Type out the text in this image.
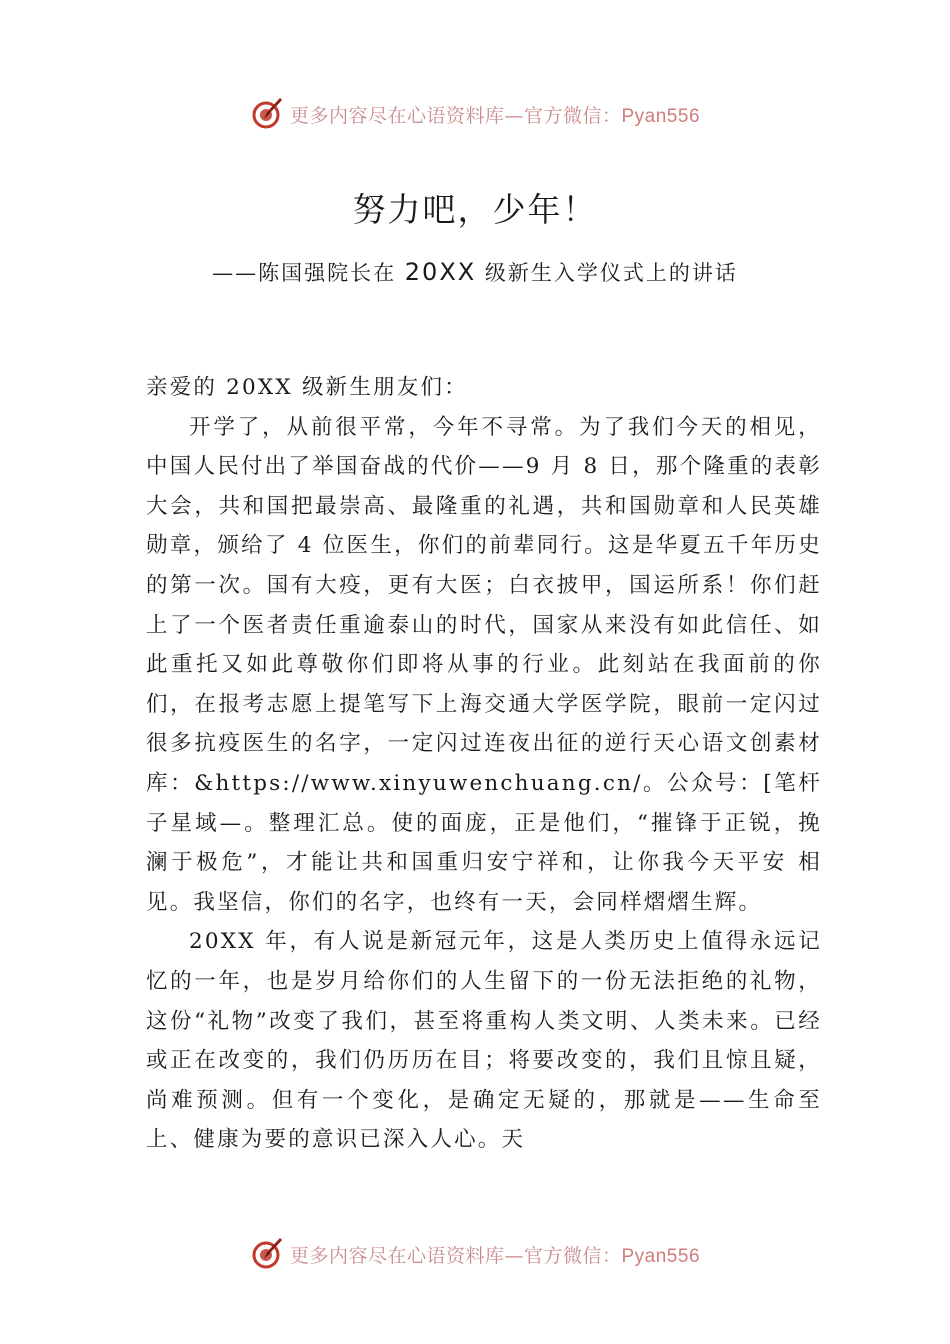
更多内容尽在心语资料库—官方微信：Pyan556
努力吧，少年！

——陈国强院长在 20XX 级新生入学仪式上的讲话

亲爱的 20XX 级新生朋友们：

开学了，从前很平常，今年不寻常。为了我们今天的相见，中国人民付出了举国奋战的代价——9 月 8 日，那个隆重的表彰大会，共和国把最崇高、最隆重的礼遇，共和国勋章和人民英雄勋章，颁给了 4 位医生，你们的前辈同行。这是华夏五千年历史的第一次。国有大疫，更有大医；白衣披甲，国运所系！你们赶上了一个医者责任重逾泰山的时代，国家从来没有如此信任、如此重托又如此尊敬你们即将从事的行业。此刻站在我面前的你们，在报考志愿上提笔写下上海交通大学医学院，眼前一定闪过很多抗疫医生的名字，一定闪过连夜出征的逆行天心语文创素材库：&https://www.xinyuwenchuang.cn/。公众号：[笔杆子星域—。整理汇总。使的面庞，正是他们，“摧锋于正锐，挽澜于极危”，才能让共和国重归安宁祥和，让你我今天平安 相见。我坚信，你们的名字，也终有一天，会同样熠熠生辉。

20XX 年，有人说是新冠元年，这是人类历史上值得永远记忆的一年，也是岁月给你们的人生留下的一份无法拒绝的礼物，这份“礼物”改变了我们，甚至将重构人类文明、人类未来。已经或正在改变的，我们仍历历在目；将要改变的，我们且惊且疑，尚难预测。但有一个变化，是确定无疑的，那就是——生命至上、健康为要的意识已深入人心。天

更多内容尽在心语资料库—官方微信：Pyan556
